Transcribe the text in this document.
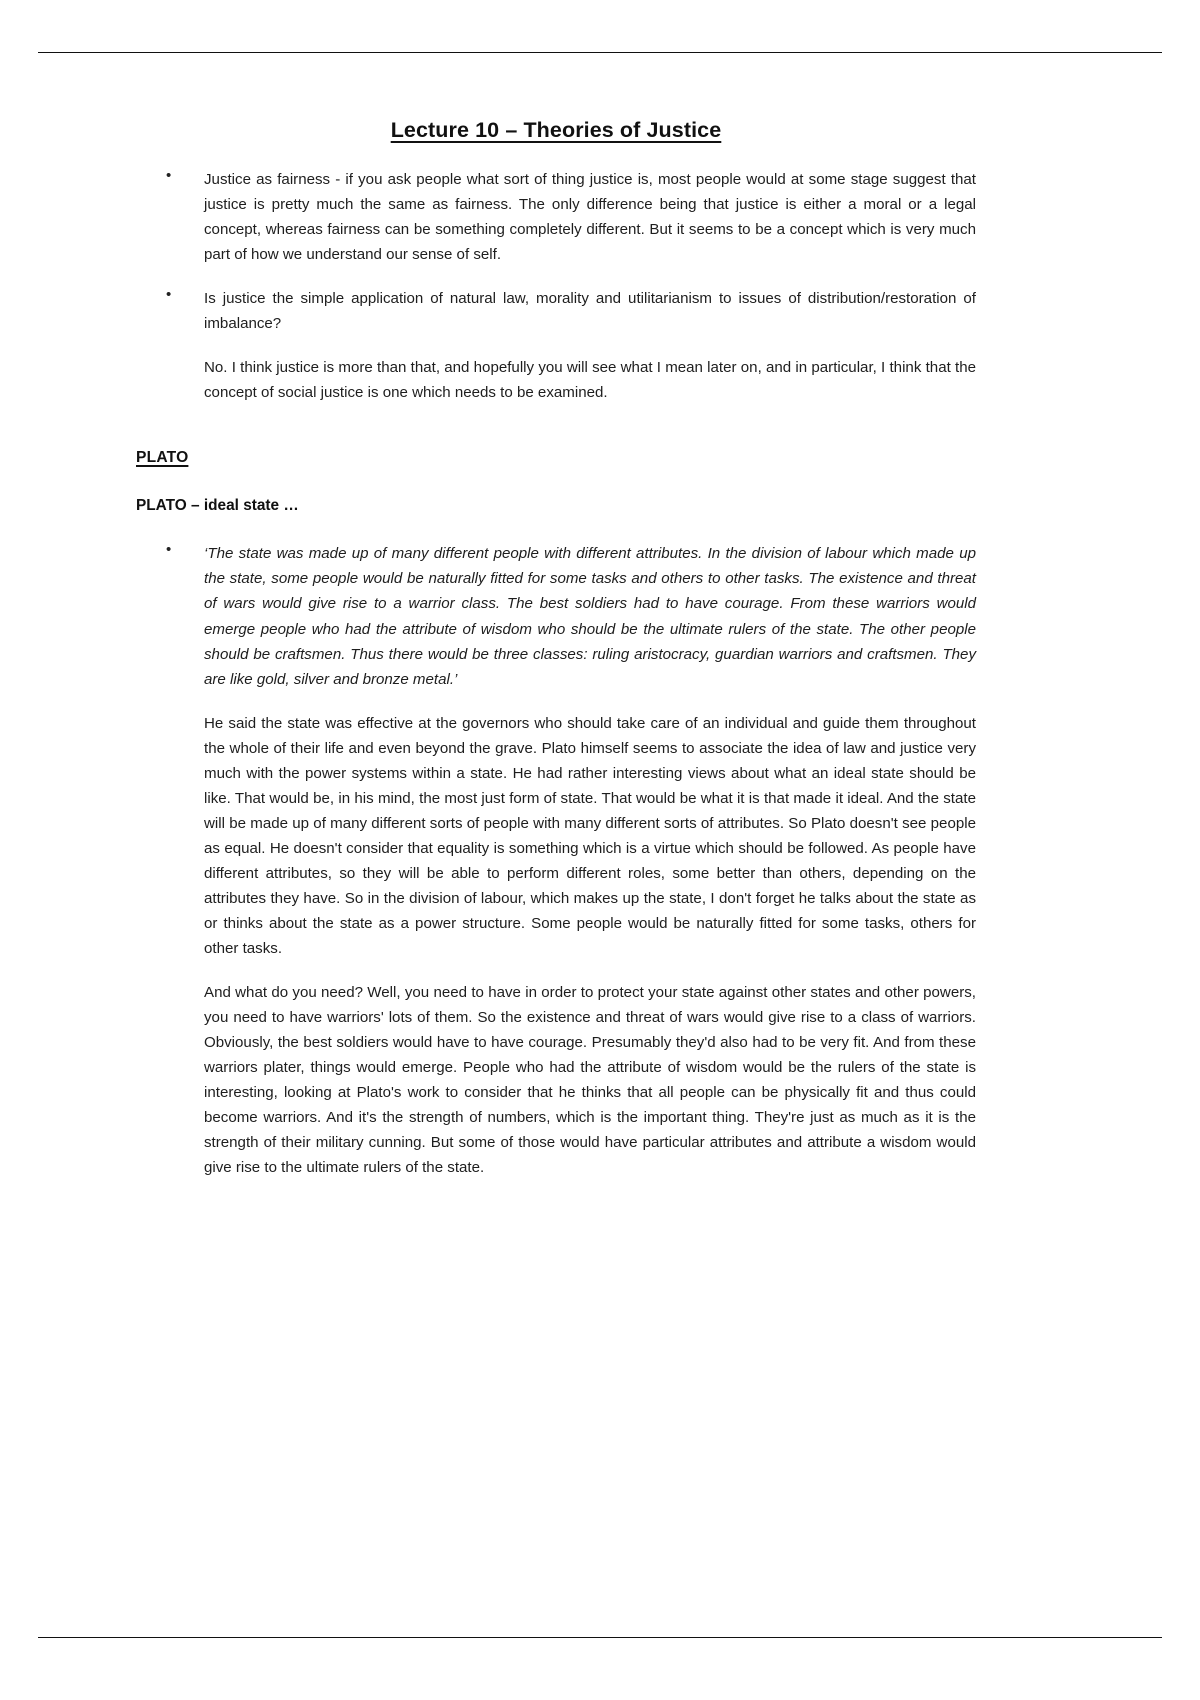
Lecture 10 – Theories of Justice
• Justice as fairness - if you ask people what sort of thing justice is, most people would at some stage suggest that justice is pretty much the same as fairness. The only difference being that justice is either a moral or a legal concept, whereas fairness can be something completely different. But it seems to be a concept which is very much part of how we understand our sense of self.
• Is justice the simple application of natural law, morality and utilitarianism to issues of distribution/restoration of imbalance?

No. I think justice is more than that, and hopefully you will see what I mean later on, and in particular, I think that the concept of social justice is one which needs to be examined.

PLATO
PLATO – ideal state …
• ‘The state was made up of many different people with different attributes. In the division of labour which made up the state, some people would be naturally fitted for some tasks and others to other tasks. The existence and threat of wars would give rise to a warrior class. The best soldiers had to have courage. From these warriors would emerge people who had the attribute of wisdom who should be the ultimate rulers of the state. The other people should be craftsmen. Thus there would be three classes: ruling aristocracy, guardian warriors and craftsmen. They are like gold, silver and bronze metal.’

He said the state was effective at the governors who should take care of an individual and guide them throughout the whole of their life and even beyond the grave. Plato himself seems to associate the idea of law and justice very much with the power systems within a state. He had rather interesting views about what an ideal state should be like. That would be, in his mind, the most just form of state. That would be what it is that made it ideal. And the state will be made up of many different sorts of people with many different sorts of attributes. So Plato doesn't see people as equal. He doesn't consider that equality is something which is a virtue which should be followed. As people have different attributes, so they will be able to perform different roles, some better than others, depending on the attributes they have. So in the division of labour, which makes up the state, I don't forget he talks about the state as or thinks about the state as a power structure. Some people would be naturally fitted for some tasks, others for other tasks.

And what do you need? Well, you need to have in order to protect your state against other states and other powers, you need to have warriors' lots of them. So the existence and threat of wars would give rise to a class of warriors. Obviously, the best soldiers would have to have courage. Presumably they'd also had to be very fit. And from these warriors plater, things would emerge. People who had the attribute of wisdom would be the rulers of the state is interesting, looking at Plato's work to consider that he thinks that all people can be physically fit and thus could become warriors. And it's the strength of numbers, which is the important thing. They're just as much as it is the strength of their military cunning. But some of those would have particular attributes and attribute a wisdom would give rise to the ultimate rulers of the state.
